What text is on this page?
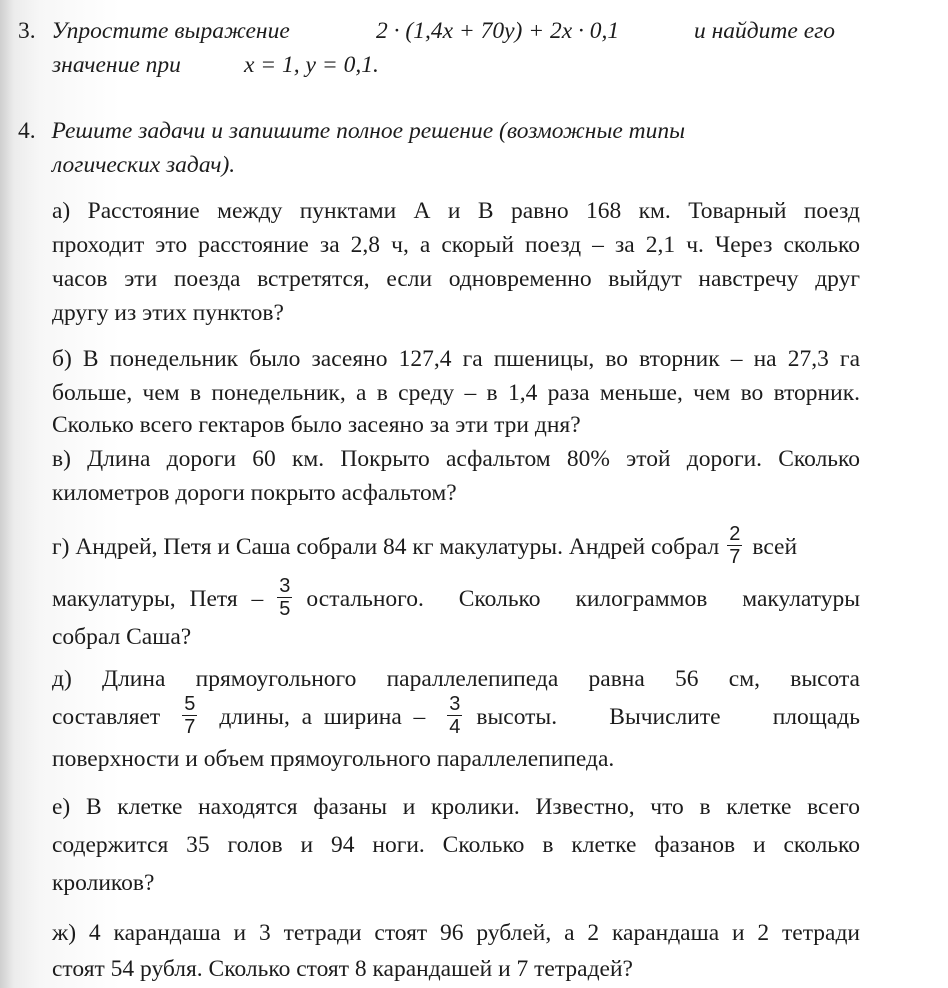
3. Упростите выражение	2 · (1,4x + 70y) + 2x · 0,1	и найдите его
значение при	x = 1, y = 0,1.
4. Решите задачи и запишите полное решение (возможные типы
логических задач).
а) Расстояние между пунктами А и В равно 168 км. Товарный поезд
проходит это расстояние за 2,8 ч, а скорый поезд – за 2,1 ч. Через сколько
часов эти поезда встретятся, если одновременно выйдут навстречу друг
другу из этих пунктов?
б) В понедельник было засеяно 127,4 га пшеницы, во вторник – на 27,3 га
больше, чем в понедельник, а в среду – в 1,4 раза меньше, чем во вторник.
Сколько всего гектаров было засеяно за эти три дня?
в) Длина дороги 60 км. Покрыто асфальтом 80% этой дороги. Сколько
километров дороги покрыто асфальтом?
г) Андрей, Петя и Саша собрали 84 кг макулатуры. Андрей собрал $\frac{2}{7}$ всей
макулатуры, Петя – $\frac{3}{5}$ остального. Сколько килограммов макулатуры
собрал Саша?
д) Длина прямоугольного параллелепипеда равна 56 см, высота
составляет $\frac{5}{7}$ длины,  а  ширина  – $\frac{3}{4}$ высоты. Вычислите площадь
поверхности и объем прямоугольного параллелепипеда.
е) В клетке находятся фазаны и кролики. Известно, что в клетке всего
содержится 35 голов и 94 ноги. Сколько в клетке фазанов и сколько
кроликов?
ж) 4 карандаша и 3 тетради стоят 96 рублей, а 2 карандаша и 2 тетради
стоят 54 рубля. Сколько стоят 8 карандашей и 7 тетрадей?
